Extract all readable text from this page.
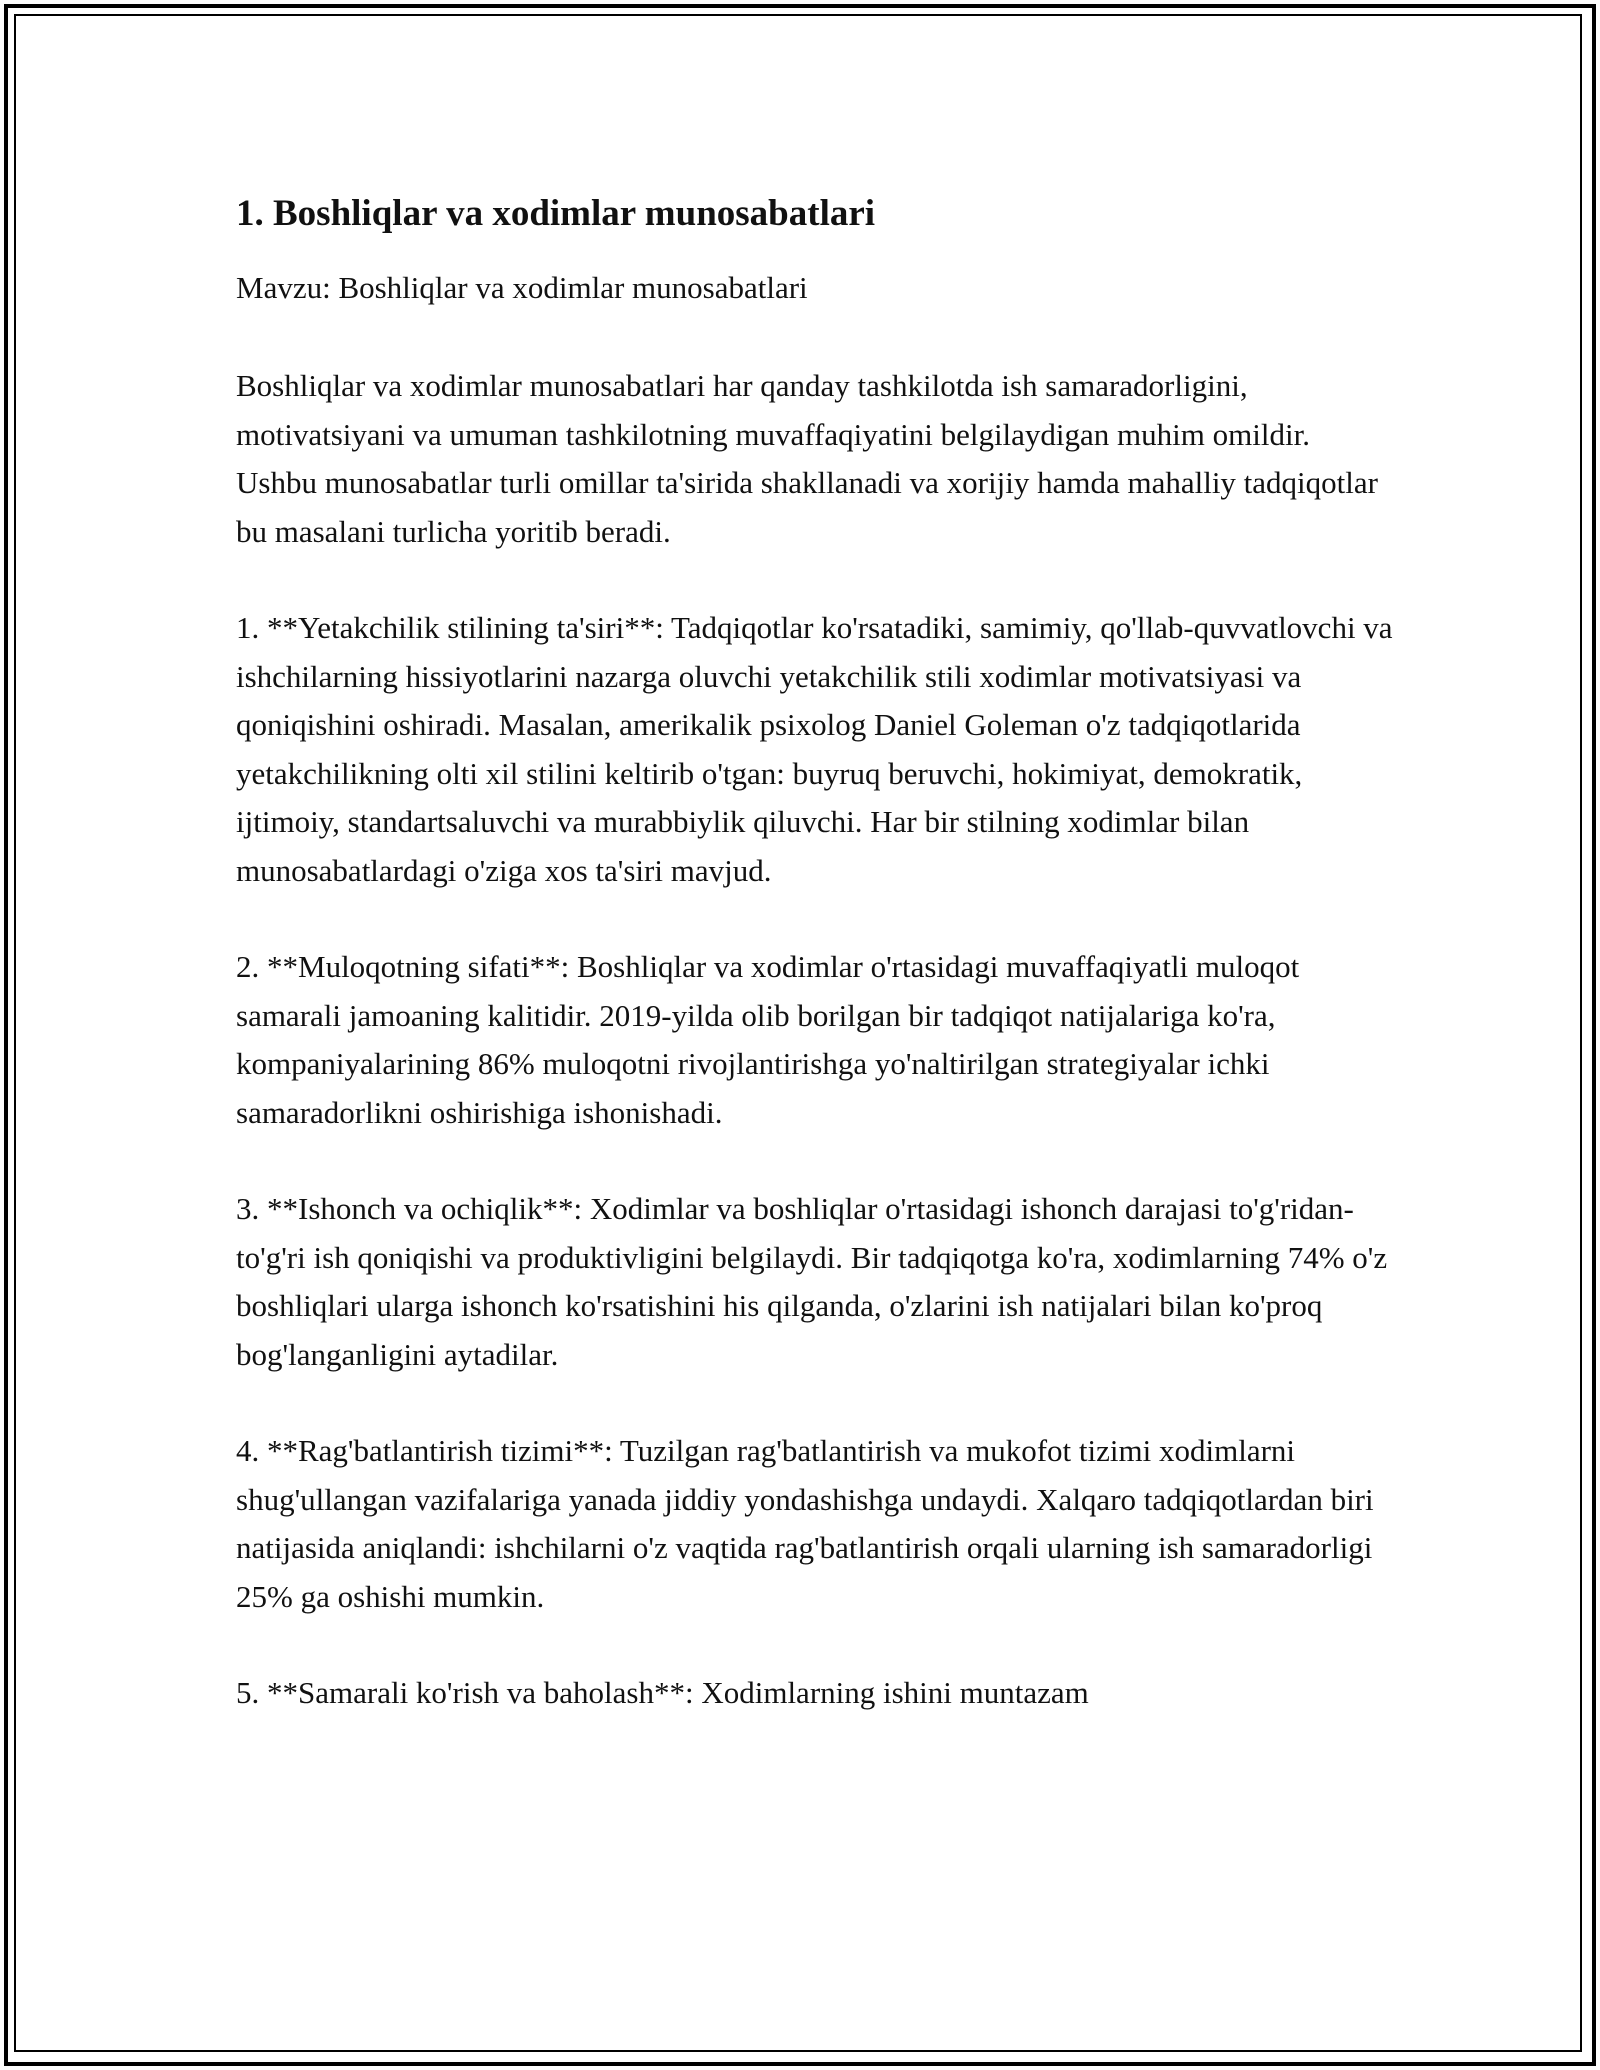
1. Boshliqlar va xodimlar munosabatlari

Mavzu: Boshliqlar va xodimlar munosabatlari

Boshliqlar va xodimlar munosabatlari har qanday tashkilotda ish samaradorligini, motivatsiyani va umuman tashkilotning muvaffaqiyatini belgilaydigan muhim omildir. Ushbu munosabatlar turli omillar ta'sirida shakllanadi va xorijiy hamda mahalliy tadqiqotlar bu masalani turlicha yoritib beradi.

1. **Yetakchilik stilining ta'siri**: Tadqiqotlar ko'rsatadiki, samimiy, qo'llab-quvvatlovchi va ishchilarning hissiyotlarini nazarga oluvchi yetakchilik stili xodimlar motivatsiyasi va qoniqishini oshiradi. Masalan, amerikalik psixolog Daniel Goleman o'z tadqiqotlarida yetakchilikning olti xil stilini keltirib o'tgan: buyruq beruvchi, hokimiyat, demokratik, ijtimoiy, standartsaluvchi va murabbiylik qiluvchi. Har bir stilning xodimlar bilan munosabatlardagi o'ziga xos ta'siri mavjud.

2. **Muloqotning sifati**: Boshliqlar va xodimlar o'rtasidagi muvaffaqiyatli muloqot samarali jamoaning kalitidir. 2019-yilda olib borilgan bir tadqiqot natijalariga ko'ra, kompaniyalarining 86% muloqotni rivojlantirishga yo'naltirilgan strategiyalar ichki samaradorlikni oshirishiga ishonishadi.

3. **Ishonch va ochiqlik**: Xodimlar va boshliqlar o'rtasidagi ishonch darajasi to'g'ridan-to'g'ri ish qoniqishi va produktivligini belgilaydi. Bir tadqiqotga ko'ra, xodimlarning 74% o'z boshliqlari ularga ishonch ko'rsatishini his qilganda, o'zlarini ish natijalari bilan ko'proq bog'langanligini aytadilar.

4. **Rag'batlantirish tizimi**: Tuzilgan rag'batlantirish va mukofot tizimi xodimlarni shug'ullangan vazifalariga yanada jiddiy yondashishga undaydi. Xalqaro tadqiqotlardan biri natijasida aniqlandi: ishchilarni o'z vaqtida rag'batlantirish orqali ularning ish samaradorligi 25% ga oshishi mumkin.

5. **Samarali ko'rish va baholash**: Xodimlarning ishini muntazam
